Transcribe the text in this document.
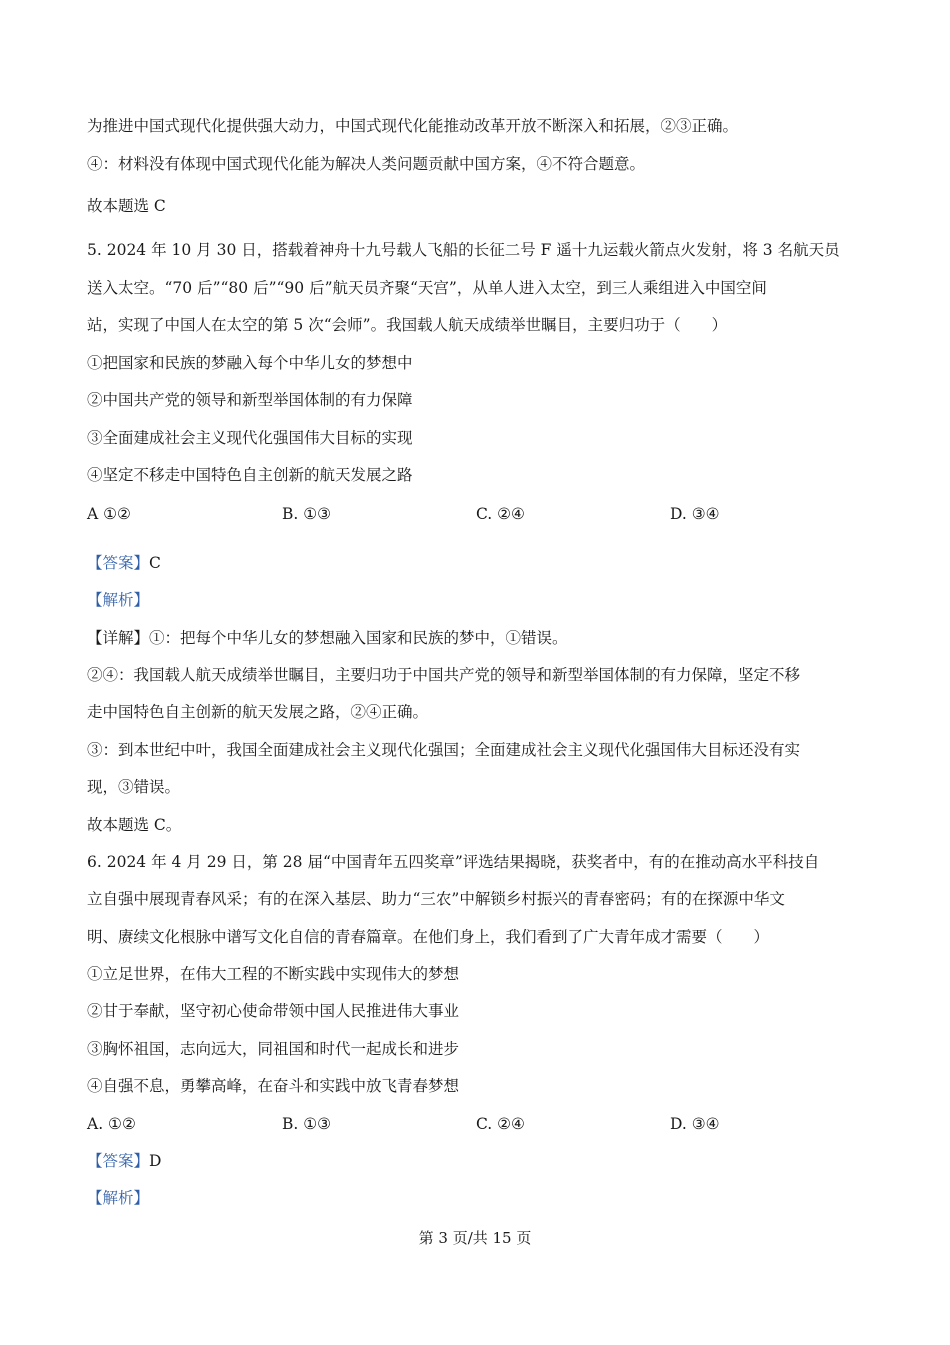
为推进中国式现代化提供强大动力，中国式现代化能推动改革开放不断深入和拓展，②③正确。
④：材料没有体现中国式现代化能为解决人类问题贡献中国方案，④不符合题意。
故本题选 C
5. 2024 年 10 月 30 日，搭载着神舟十九号载人飞船的长征二号 F 遥十九运载火箭点火发射，将 3 名航天员
送入太空。“70 后”“80 后”“90 后”航天员齐聚“天宫”，从单人进入太空，到三人乘组进入中国空间
站，实现了中国人在太空的第 5 次“会师”。我国载人航天成绩举世瞩目，主要归功于（　　）
①把国家和民族的梦融入每个中华儿女的梦想中
②中国共产党的领导和新型举国体制的有力保障
③全面建成社会主义现代化强国伟大目标的实现
④坚定不移走中国特色自主创新的航天发展之路
A ①②	B. ①③	C. ②④	D. ③④
【答案】C
【解析】
【详解】①：把每个中华儿女的梦想融入国家和民族的梦中，①错误。
②④：我国载人航天成绩举世瞩目，主要归功于中国共产党的领导和新型举国体制的有力保障，坚定不移
走中国特色自主创新的航天发展之路，②④正确。
③：到本世纪中叶，我国全面建成社会主义现代化强国；全面建成社会主义现代化强国伟大目标还没有实
现，③错误。
故本题选 C。
6. 2024 年 4 月 29 日，第 28 届“中国青年五四奖章”评选结果揭晓，获奖者中，有的在推动高水平科技自
立自强中展现青春风采；有的在深入基层、助力“三农”中解锁乡村振兴的青春密码；有的在探源中华文
明、赓续文化根脉中谱写文化自信的青春篇章。在他们身上，我们看到了广大青年成才需要（　　）
①立足世界，在伟大工程的不断实践中实现伟大的梦想
②甘于奉献，坚守初心使命带领中国人民推进伟大事业
③胸怀祖国，志向远大，同祖国和时代一起成长和进步
④自强不息，勇攀高峰，在奋斗和实践中放飞青春梦想
A. ①②	B. ①③	C. ②④	D. ③④
【答案】D
【解析】
第 3 页/共 15 页
